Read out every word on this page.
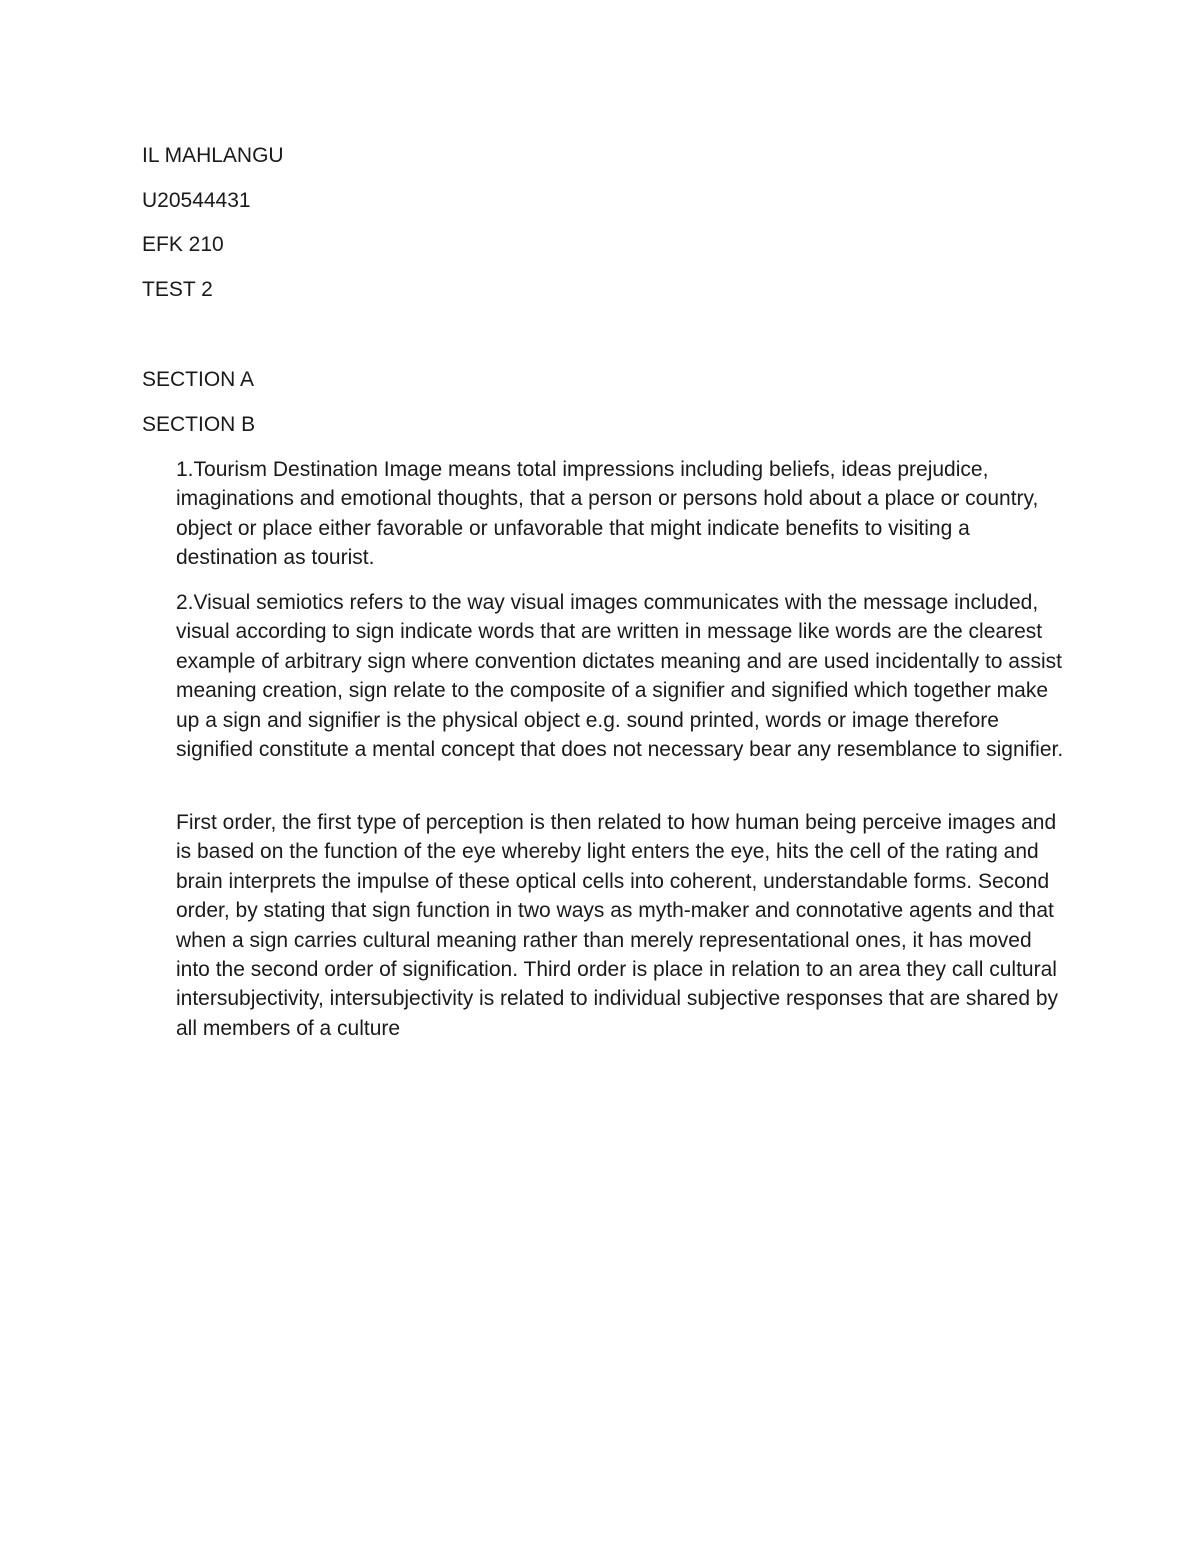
IL MAHLANGU
U20544431
EFK 210
TEST 2
SECTION A
SECTION B

1.Tourism Destination Image means total impressions including beliefs, ideas prejudice, imaginations and emotional thoughts, that a person or persons hold about a place or country, object or place either favorable or unfavorable that might indicate benefits to visiting a destination as tourist.

2.Visual semiotics refers to the way visual images communicates with the message included, visual according to sign indicate words that are written in message like words are the clearest example of arbitrary sign where convention dictates meaning and are used incidentally to assist meaning creation, sign relate to the composite of a signifier and signified which together make up a sign and signifier is the physical object e.g. sound printed, words or image therefore signified constitute a mental concept that does not necessary bear any resemblance to signifier.

First order, the first type of perception is then related to how human being perceive images and is based on the function of the eye whereby light enters the eye, hits the cell of the rating and brain interprets the impulse of these optical cells into coherent, understandable forms. Second order, by stating that sign function in two ways as myth-maker and connotative agents and that when a sign carries cultural meaning rather than merely representational ones, it has moved into the second order of signification. Third order is place in relation to an area they call cultural intersubjectivity, intersubjectivity is related to individual subjective responses that are shared by all members of a culture
